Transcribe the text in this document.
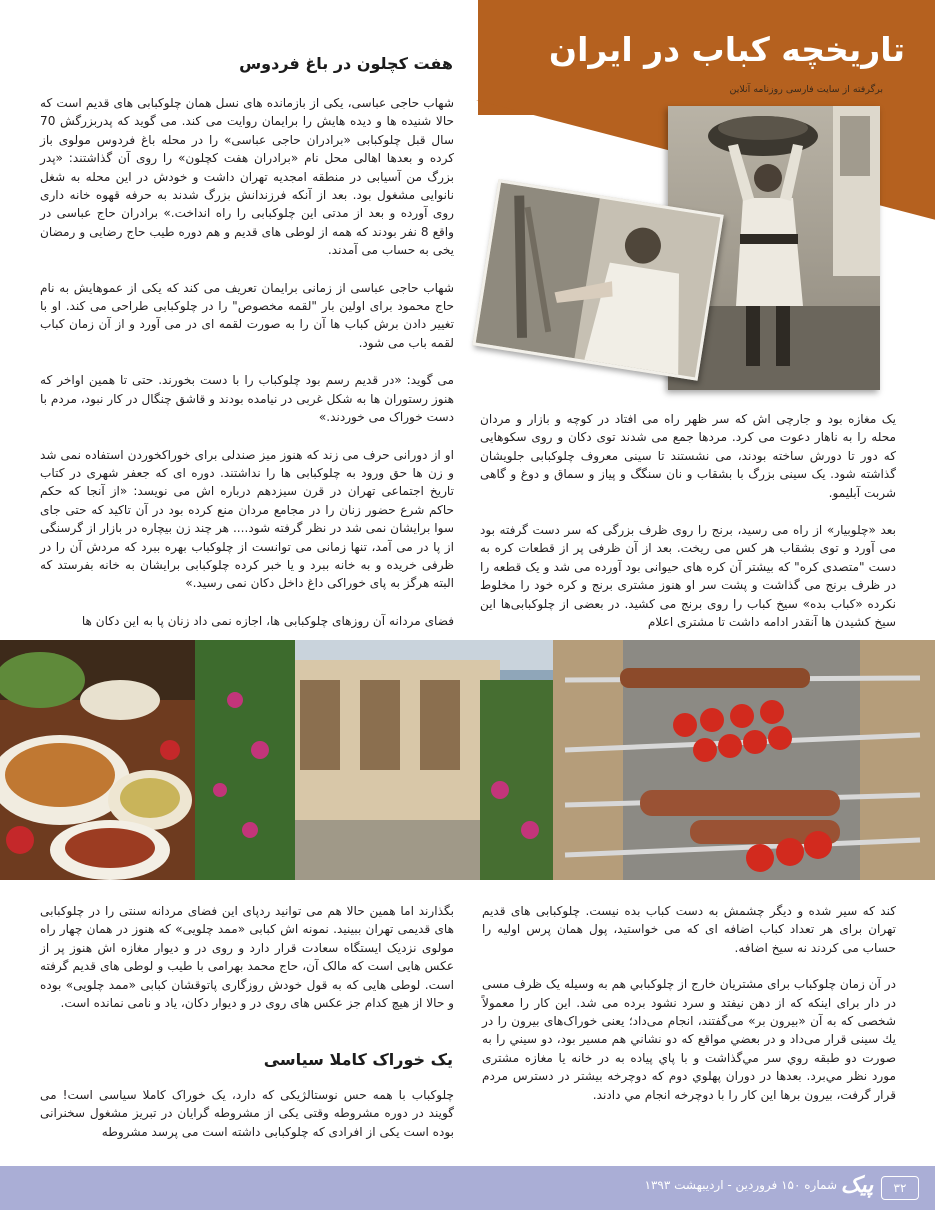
تاریخچه کباب در ایران
برگرفته از سایت فارسی روزنامه آنلاین
هفت کچلون در باغ فردوس

شهاب حاجی عباسی، یکی از بازمانده های نسل همان چلوکبابی های قدیم است که حالا شنیده ها و دیده هایش را برایمان روایت می کند. می گوید که پدربزرگش 70 سال قبل چلوکبابی «برادران حاجی عباسی» را در محله باغ فردوس مولوی باز کرده و بعدها اهالی محل نام «برادران هفت کچلون» را روی آن گذاشتند: «پدر بزرگ من آسیابی در منطقه امجدیه تهران داشت و خودش در این محله به شغل نانوایی مشغول بود. بعد از آنکه فرزندانش بزرگ شدند به حرفه قهوه خانه داری روی آورده و بعد از مدتی این چلوکبابی را راه انداخت.» برادران حاج عباسی در واقع 8 نفر بودند که همه از لوطی های قدیم و هم دوره طیب حاج رضایی و رمضان یخی به حساب می آمدند.

شهاب حاجی عباسی از زمانی برایمان تعریف می کند که یکی از عموهایش به نام حاج محمود برای اولین بار "لقمه مخصوص" را در چلوکبابی طراحی می کند. او با تغییر دادن برش کباب ها آن را به صورت لقمه ای در می آورد و از آن زمان کباب لقمه باب می شود.

می گوید: «در قدیم رسم بود چلوکباب را با دست بخورند. حتی تا همین اواخر که هنوز رستوران ها به شکل غربی در نیامده بودند و قاشق چنگال در کار نبود، مردم با دست خوراک می خوردند.»

او از دورانی حرف می زند که هنوز میز صندلی برای خوراکخوردن استفاده نمی شد و زن ها حق ورود به چلوکبابی ها را نداشتند. دوره ای که جعفر شهری در کتاب تاریخ اجتماعی تهران در قرن سیزدهم درباره اش می نویسد: «از آنجا که حکم حاکم شرع حضور زنان را در مجامع مردان منع کرده بود در آن تاکید که حتی جای سوا برایشان نمی شد در نظر گرفته شود.... هر چند زن بیچاره در بازار از گرسنگی از پا در می آمد، تنها زمانی می توانست از چلوکباب بهره ببرد که مردش آن را در ظرفی خریده و به خانه ببرد و یا خبر کرده چلوکبابی برایشان به خانه بفرستد که البته هرگز به پای خوراکی داغ داخل دکان نمی رسید.»

فضای مردانه آن روزهای چلوکبابی ها، اجازه نمی داد زنان پا به این دکان ها

یک مغازه بود و جارچی اش که سر ظهر راه می افتاد در کوچه و بازار و مردان محله را به ناهار دعوت می کرد. مردها جمع می شدند توی دکان و روی سکوهایی که دور تا دورش ساخته بودند، می نشستند تا سینی معروف چلوکبابی جلویشان گذاشته شود. یک سینی بزرگ با بشقاب و نان سنگگ و پیاز و سماق و دوغ و گاهی شربت آبلیمو.

بعد «چلوبیار» از راه می رسید، برنج را روی ظرف بزرگی که سر دست گرفته بود می آورد و توی بشقاب هر کس می ریخت. بعد از آن ظرفی پر از قطعات کره به دست "متصدی کره" که بیشتر آن کره های حیوانی بود آورده می شد و یک قطعه را در ظرف برنج می گذاشت و پشت سر او هنوز مشتری برنج و کره خود را مخلوط نکرده «کباب بده» سیخ کباب را روی برنج می کشید. در بعضی از چلوکبابی‌ها این سیخ کشیدن ها آنقدر ادامه داشت تا مشتری اعلام

بگذارند اما همین حالا هم می توانید ردپای این فضای مردانه سنتی را در چلوکبابی های قدیمی تهران ببینید. نمونه اش کبابی «ممد چلویی» که هنوز در همان چهار راه مولوی نزدیک ایستگاه سعادت قرار دارد و روی در و دیوار مغازه اش هنوز پر از عکس هایی است که مالک آن، حاج محمد بهرامی با طیب و لوطی های قدیم گرفته است. لوطی هایی که به قول خودش روزگاری پاتوقشان کبابی «ممد چلویی» بوده و حالا از هیچ کدام جز عکس های روی در و دیوار دکان، یاد و نامی نمانده است.

یک خوراک کاملا سیاسی

چلوکباب با همه حس نوستالژیکی که دارد، یک خوراک کاملا سیاسی است! می گویند در دوره مشروطه وقتی یکی از مشروطه گرایان در تبریز مشغول سخنرانی بوده است یکی از افرادی که چلوکبابی داشته است می پرسد مشروطه

کند که سیر شده و دیگر چشمش به دست کباب بده نیست. چلوکبابی های قدیم تهران برای هر تعداد کباب اضافه ای که می خواستید، پول همان پرس اولیه را حساب می کردند نه سیخ اضافه.

در آن زمان چلوکباب برای مشتریان خارج از چلوکبابي هم به وسيله يک ظرف مسی در دار برای اینکه که از دهن نیفتد و سرد نشود برده می شد. این کار را معمولاً شخصی که به آن «بیرون بر» می‌گفتند، انجام می‌داد؛ یعنی خوراک‌های بیرون را در یك سینی قرار می‌داد و در بعضي مواقع که دو نشاني هم مسير بود، دو سيني را به صورت دو طبقه روي سر مي‌گذاشت و با پاي پياده به در خانه یا مغازه مشتری مورد نظر مي‌برد. بعدها در دوران پهلوي دوم که دوچرخه بيشتر در دسترس مردم قرار گرفت، بيرون برها اين كار را با دوچرخه انجام مي دادند.

شماره ۱۵۰ فروردین - اردیبهشت ۱۳۹۳ پیک	۳۲
